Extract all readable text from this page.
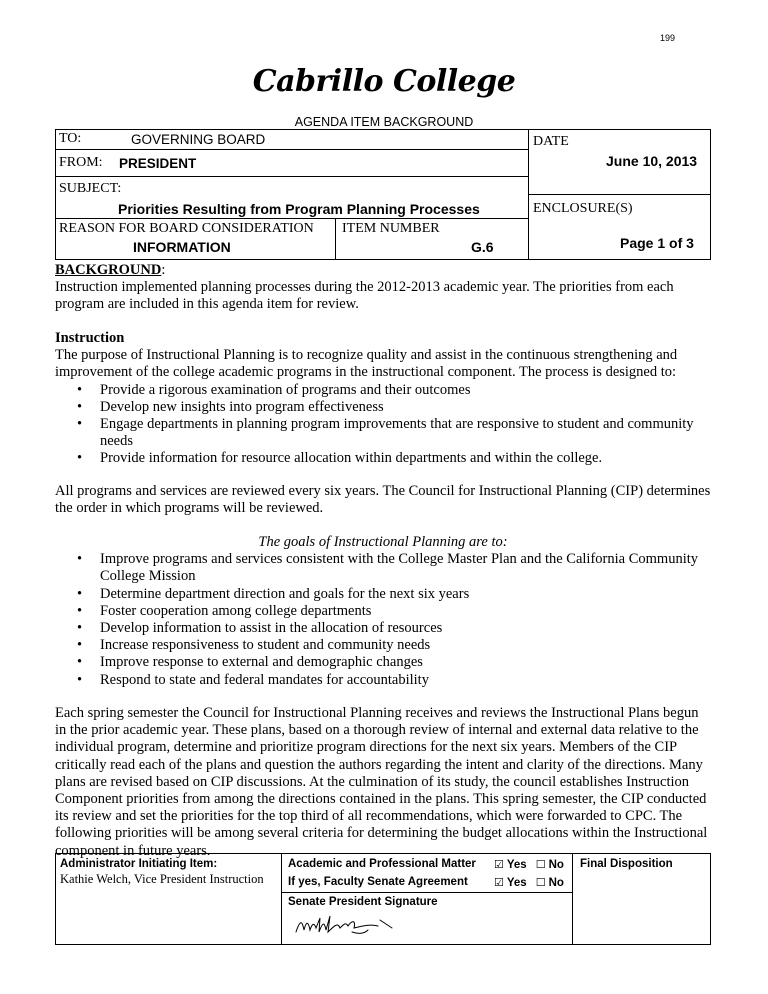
199
Cabrillo College
AGENDA ITEM BACKGROUND
TO:	GOVERNING BOARD
FROM: PRESIDENT
SUBJECT:
Priorities Resulting from Program Planning Processes
REASON FOR BOARD CONSIDERATION
INFORMATION
ITEM NUMBER
G.6
DATE
June 10, 2013
ENCLOSURE(S)
Page 1 of 3

BACKGROUND:

Instruction implemented planning processes during the 2012-2013 academic year. The priorities from each program are included in this agenda item for review.

Instruction

The purpose of Instructional Planning is to recognize quality and assist in the continuous strengthening and improvement of the college academic programs in the instructional component. The process is designed to:

• Provide a rigorous examination of programs and their outcomes
• Develop new insights into program effectiveness
• Engage departments in planning program improvements that are responsive to student and community needs
• Provide information for resource allocation within departments and within the college.
All programs and services are reviewed every six years. The Council for Instructional Planning (CIP) determines the order in which programs will be reviewed.

The goals of Instructional Planning are to:

• Improve programs and services consistent with the College Master Plan and the California Community College Mission
• Determine department direction and goals for the next six years
• Foster cooperation among college departments
• Develop information to assist in the allocation of resources
• Increase responsiveness to student and community needs
• Improve response to external and demographic changes
• Respond to state and federal mandates for accountability
Each spring semester the Council for Instructional Planning receives and reviews the Instructional Plans begun in the prior academic year. These plans, based on a thorough review of internal and external data relative to the individual program, determine and prioritize program directions for the next six years. Members of the CIP critically read each of the plans and question the authors regarding the intent and clarity of the directions. Many plans are revised based on CIP discussions. At the culmination of its study, the council establishes Instruction Component priorities from among the directions contained in the plans. This spring semester, the CIP conducted its review and set the priorities for the top third of all recommendations, which were forwarded to CPC. The following priorities will be among several criteria for determining the budget allocations within the Instructional component in future years.
Administrator Initiating Item:
Kathie Welch, Vice President Instruction
Academic and Professional Matter ☑ Yes ☐ No
If yes, Faculty Senate Agreement ☑ Yes ☐ No
Senate President Signature
Final Disposition
